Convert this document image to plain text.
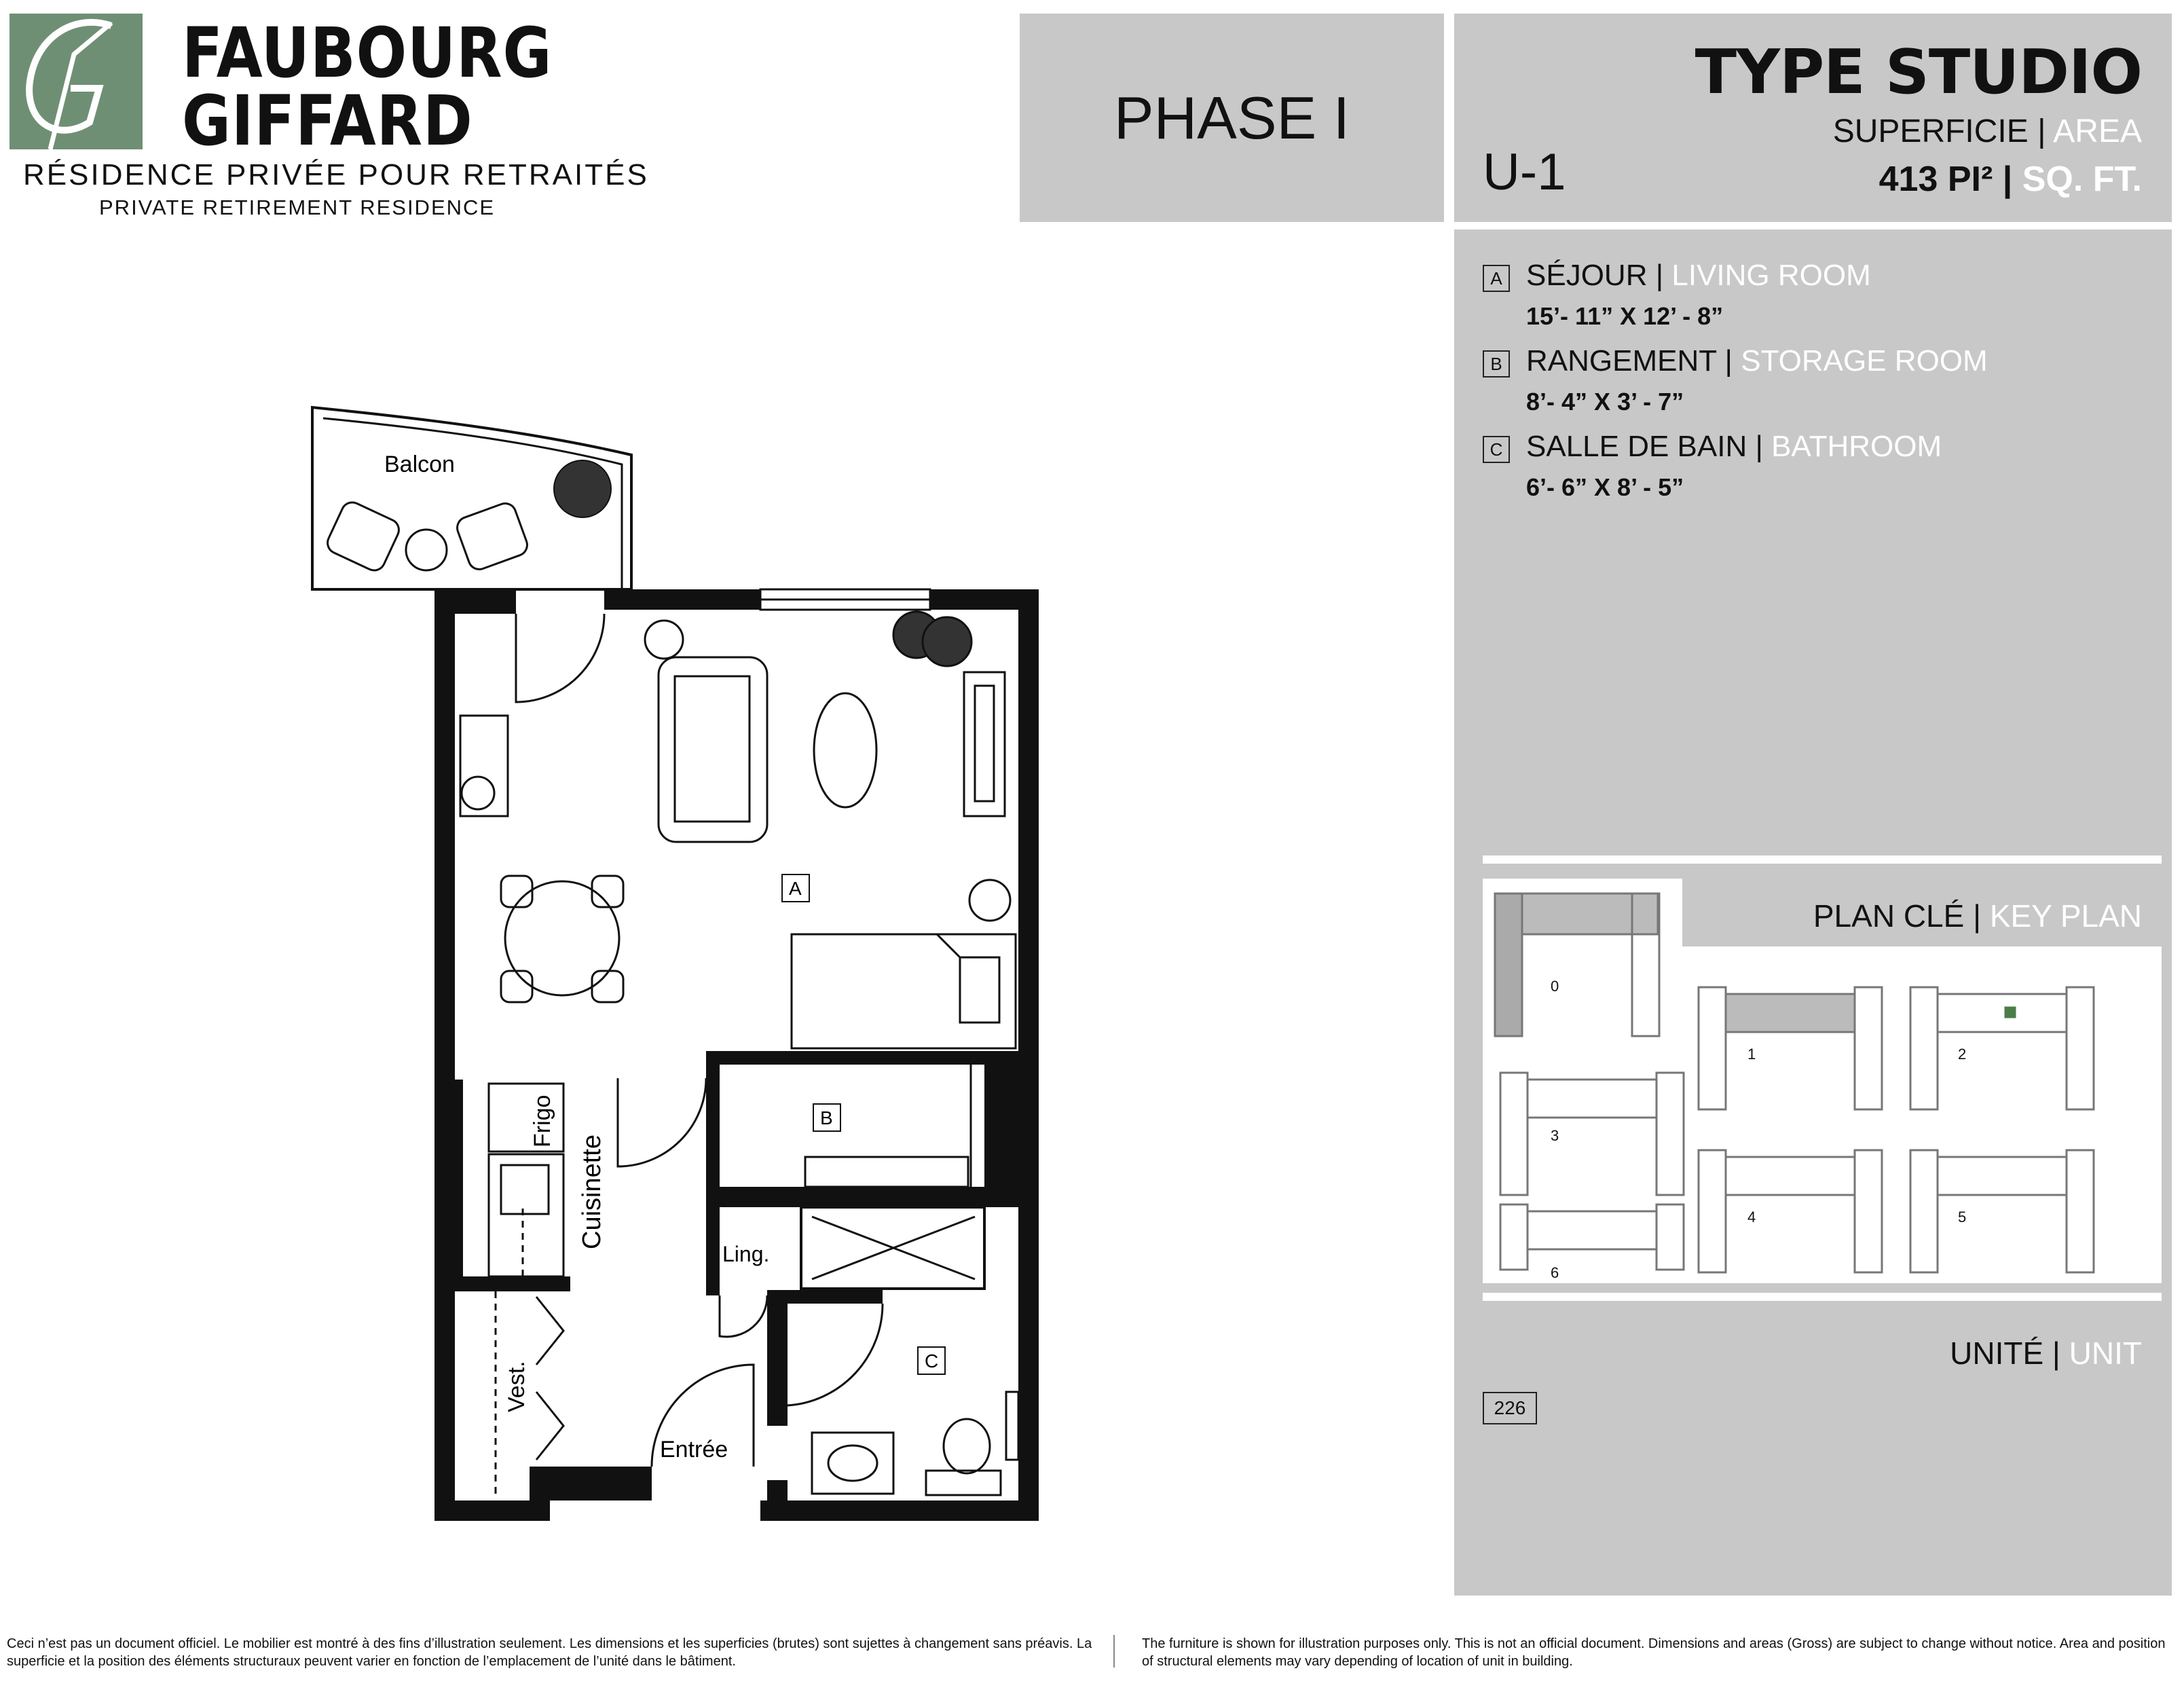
FAUBOURG
GIFFARD
RÉSIDENCE PRIVÉE POUR RETRAITÉS
PRIVATE RETIREMENT RESIDENCE
PHASE I
TYPE STUDIO
U-1
SUPERFICIE | AREA
413 PI² | SQ. FT.
A SÉJOUR | LIVING ROOM
15’- 11” X 12’ - 8”
B RANGEMENT | STORAGE ROOM
8’- 4” X 3’ - 7”
C SALLE DE BAIN | BATHROOM
6’- 6” X 8’ - 5”
0
1	2
3
4	5
6
PLAN CLÉ | KEY PLAN
UNITÉ | UNIT
226
Balcon
A
B
Frigo
Cuisinette
Vest.
Ling.
C
Entrée
Ceci n’est pas un document officiel. Le mobilier est montré à des fins d’illustration seulement. Les dimensions et les superficies (brutes) sont sujettes à changement sans préavis. La superficie et la position des éléments structuraux peuvent varier en fonction de l’emplacement de l’unité dans le bâtiment.
The furniture is shown for illustration purposes only. This is not an official document. Dimensions and areas (Gross) are subject to change without notice. Area and position of structural elements may vary depending of location of unit in building.
